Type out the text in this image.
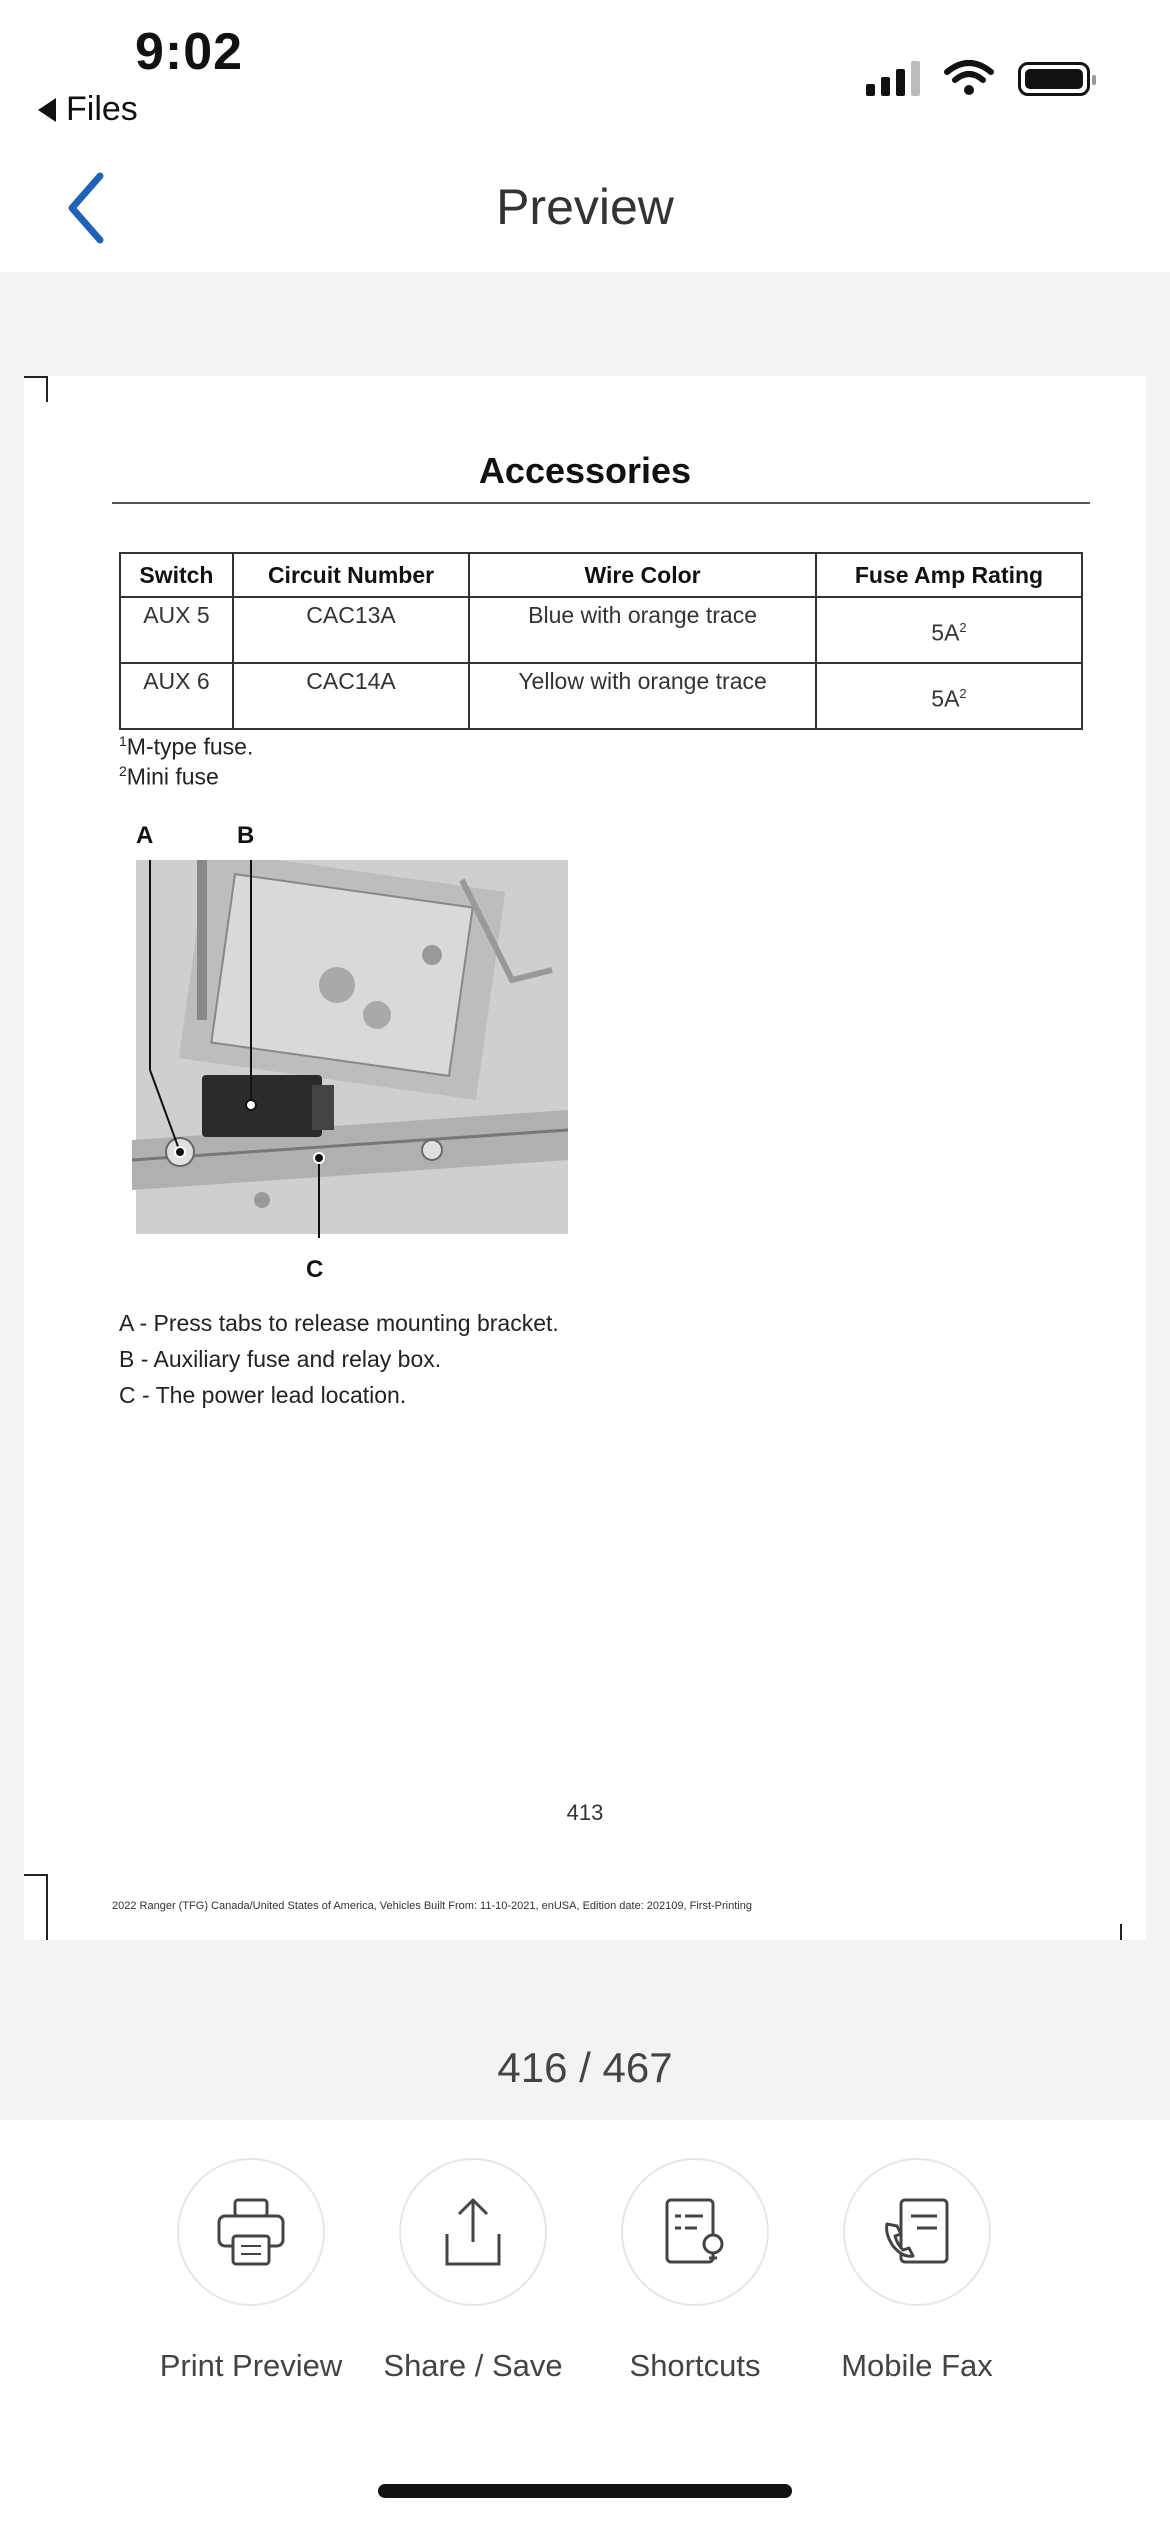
9:02
Files
Preview
Accessories
Switch	Circuit Number	Wire Color	Fuse Amp Rating
AUX 5	CAC13A	Blue with orange trace	$5A^2$
AUX 6	CAC14A	Yellow with orange trace	$5A^2$
$^1$M-type fuse.
$^2$Mini fuse
A	B
C
A - Press tabs to release mounting bracket.
B - Auxiliary fuse and relay box.
C - The power lead location.
413
2022 Ranger (TFG) Canada/United States of America, Vehicles Built From: 11-10-2021, enUSA, Edition date: 202109, First-Printing
416 / 467
Print Preview	Share / Save	Shortcuts	Mobile Fax
